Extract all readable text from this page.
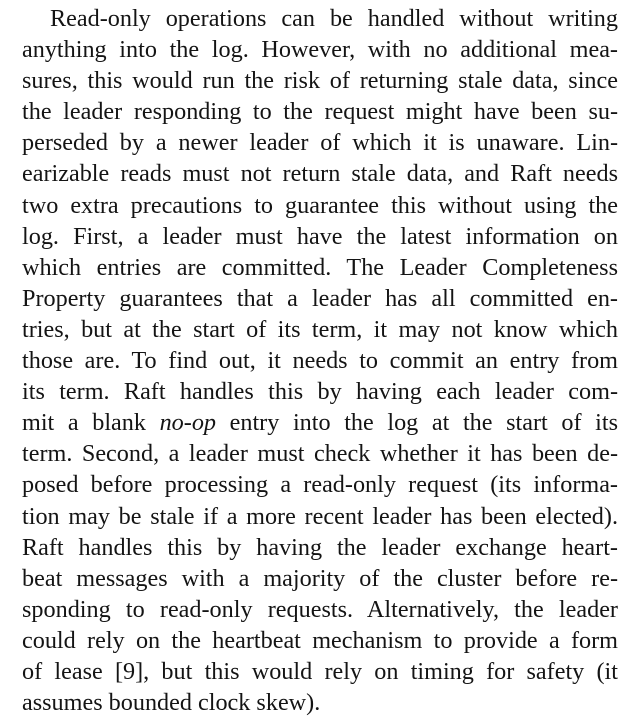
Read-only operations can be handled without writing
anything into the log. However, with no additional mea-
sures, this would run the risk of returning stale data, since
the leader responding to the request might have been su-
perseded by a newer leader of which it is unaware. Lin-
earizable reads must not return stale data, and Raft needs
two extra precautions to guarantee this without using the
log. First, a leader must have the latest information on
which entries are committed. The Leader Completeness
Property guarantees that a leader has all committed en-
tries, but at the start of its term, it may not know which
those are. To find out, it needs to commit an entry from
its term. Raft handles this by having each leader com-
mit a blank no-op entry into the log at the start of its
term. Second, a leader must check whether it has been de-
posed before processing a read-only request (its informa-
tion may be stale if a more recent leader has been elected).
Raft handles this by having the leader exchange heart-
beat messages with a majority of the cluster before re-
sponding to read-only requests. Alternatively, the leader
could rely on the heartbeat mechanism to provide a form
of lease [9], but this would rely on timing for safety (it
assumes bounded clock skew).
